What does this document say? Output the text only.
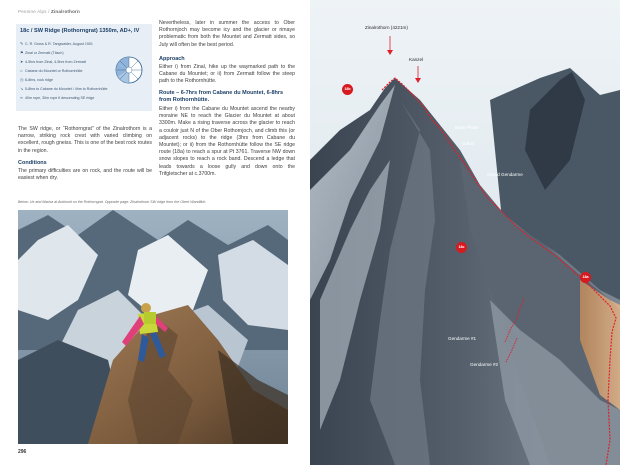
Pennine Alps / Zinalrothorn
18c / SW Ridge (Rothorngrat) 1350m, AD+, IV
✎ C. R. Gross & R. Tangwalder, August 1901
⚑Zinal or Zermatt (Täsch)
➤ 4-5hrs from Zinal, 4-5hrs from Zermatt
⌂ Cabane du Mountet or Rothornhütte
◷ 6-8hrs, rock ridge
↘ 5-8hrs to Cabane du Mountet / 4hrs to Rothornhütte
∞ 40m rope, 30m rope if descending SE ridge

The SW ridge, or “Rothorngrat” of the Zinalrothorn is a narrow, striking rock crest with varied climbing on excellent, rough gneiss. This is one of the best rock routes in the region.

Conditions

The primary difficulties are on rock, and the route will be easiest when dry.

Nevertheless, later in summer the access to Ober Rothornjoch may become icy and the glacier or rimaye problematic from both the Mountet and Zermatt sides, so July will often be the best period.

Approach

Either i) from Zinal, hike up the waymarked path to the Cabane du Mountet; or ii) from Zermatt follow the steep path to the Rothornhütte.

Route – 6-7hrs from Cabane du Mountet, 6-8hrs from Rothornhütte.

Either i) from the Cabane du Mountet ascend the nearby moraine NE to reach the Glacier du Mountet at about 3300m. Make a rising traverse across the glacier to reach a couloir just N of the Ober Rothornjoch, and climb this (or adjacent rocks) to the ridge (3hrs from Cabane du Mountet); or ii) from the Rothornhütte follow the SE ridge route (18a) to reach a spur at Pt 3761. Traverse NW down snow slopes to reach a rock band. Descend a ledge that leads towards a loose gully and down onto the Trifgletscher at c.3700m.

Below: Ue and Marisa at Anklomit on the Rothorngrat. Opposite page: Zinalrothorn SW ridge from the Obert Wandfluh.
296
Zinalrothorn (4221m)
Kanzel
Biner-Platte
Gabel
Grand Gendarme
Gendarme #1
Gendarme #2
18b
18c
18a
